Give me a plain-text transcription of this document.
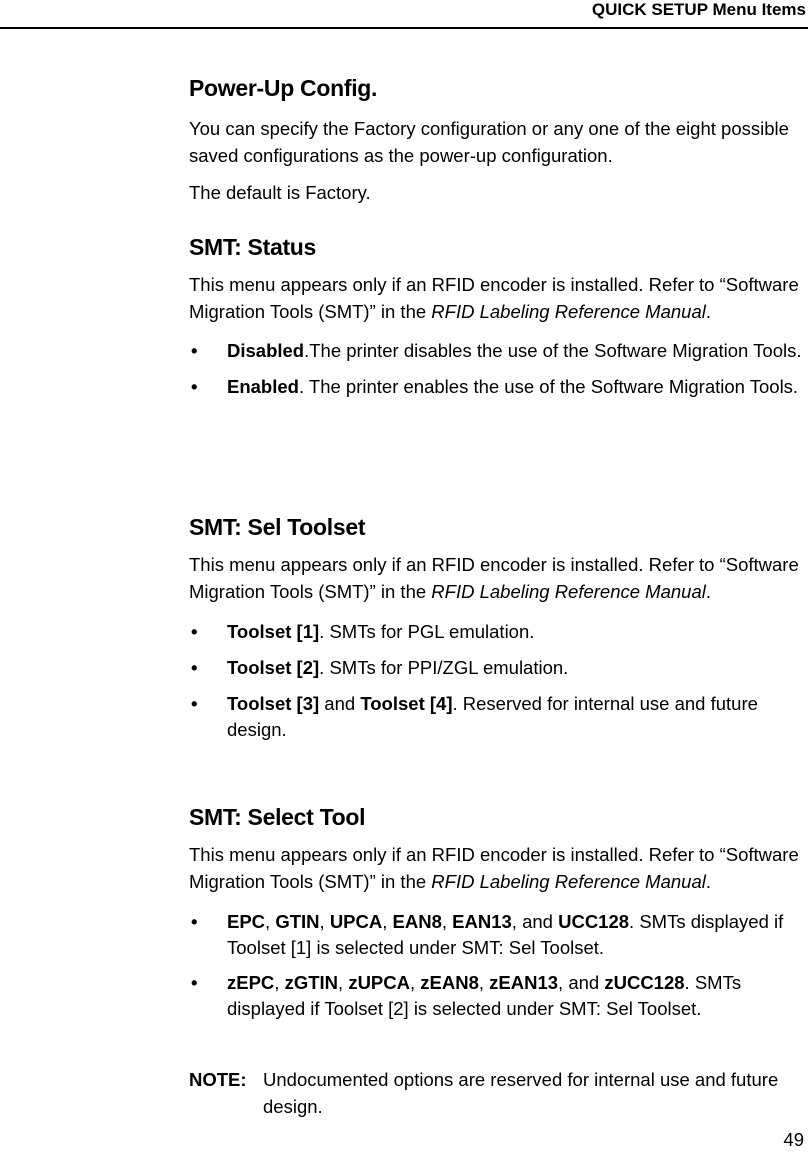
QUICK SETUP Menu Items
Power-Up Config.

You can specify the Factory configuration or any one of the eight possible saved configurations as the power-up configuration.

The default is Factory.

SMT: Status

This menu appears only if an RFID encoder is installed. Refer to “Software Migration Tools (SMT)” in the RFID Labeling Reference Manual.

• Disabled.The printer disables the use of the Software Migration Tools.
• Enabled. The printer enables the use of the Software Migration Tools.
SMT: Sel Toolset

This menu appears only if an RFID encoder is installed. Refer to “Software Migration Tools (SMT)” in the RFID Labeling Reference Manual.

• Toolset [1]. SMTs for PGL emulation.
• Toolset [2]. SMTs for PPI/ZGL emulation.
• Toolset [3] and Toolset [4]. Reserved for internal use and future design.
SMT: Select Tool

This menu appears only if an RFID encoder is installed. Refer to “Software Migration Tools (SMT)” in the RFID Labeling Reference Manual.

• EPC, GTIN, UPCA, EAN8, EAN13, and UCC128. SMTs displayed if Toolset [1] is selected under SMT: Sel Toolset.
• zEPC, zGTIN, zUPCA, zEAN8, zEAN13, and zUCC128. SMTs displayed if Toolset [2] is selected under SMT: Sel Toolset.
NOTE: Undocumented options are reserved for internal use and future design.
49
